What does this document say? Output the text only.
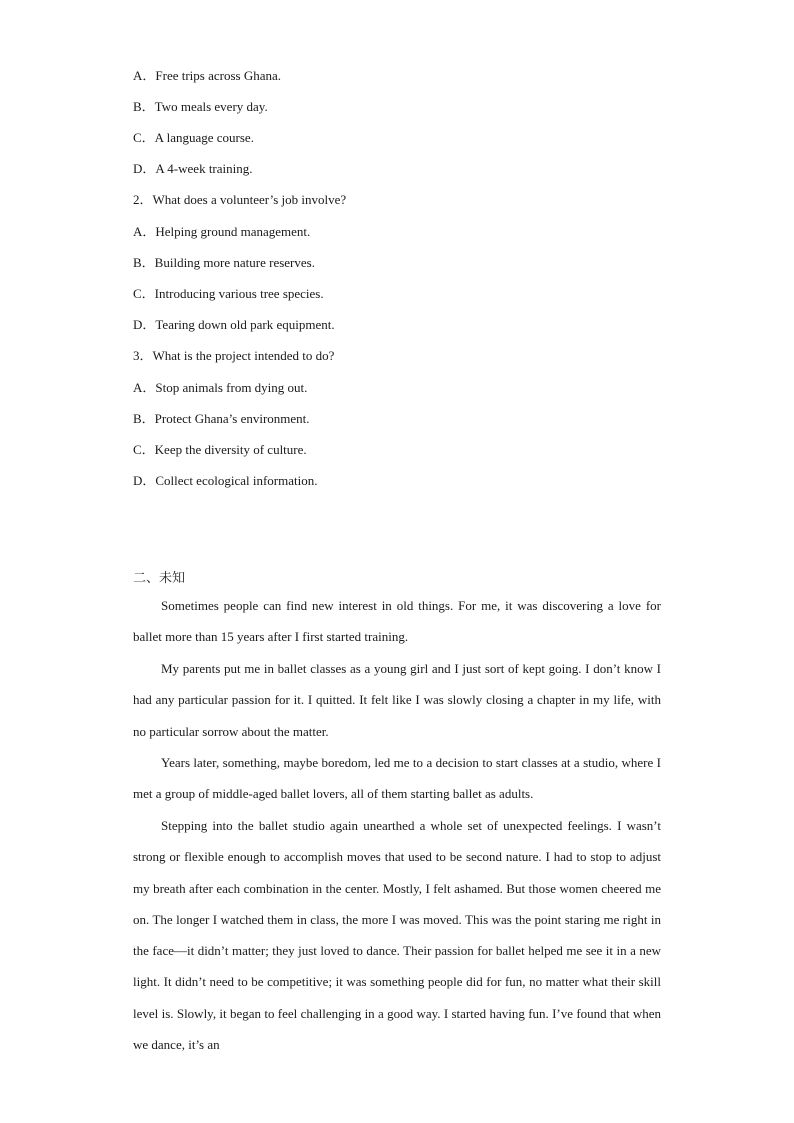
A．Free trips across Ghana.
B．Two meals every day.
C．A language course.
D．A 4-week training.
2．What does a volunteer’s job involve?
A．Helping ground management.
B．Building more nature reserves.
C．Introducing various tree species.
D．Tearing down old park equipment.
3．What is the project intended to do?
A．Stop animals from dying out.
B．Protect Ghana’s environment.
C．Keep the diversity of culture.
D．Collect ecological information.
二、未知
Sometimes people can find new interest in old things. For me, it was discovering a love for ballet more than 15 years after I first started training.
My parents put me in ballet classes as a young girl and I just sort of kept going. I don’t know I had any particular passion for it. I quitted. It felt like I was slowly closing a chapter in my life, with no particular sorrow about the matter.
Years later, something, maybe boredom, led me to a decision to start classes at a studio, where I met a group of middle-aged ballet lovers, all of them starting ballet as adults.
Stepping into the ballet studio again unearthed a whole set of unexpected feelings. I wasn’t strong or flexible enough to accomplish moves that used to be second nature. I had to stop to adjust my breath after each combination in the center. Mostly, I felt ashamed. But those women cheered me on. The longer I watched them in class, the more I was moved. This was the point staring me right in the face—it didn’t matter; they just loved to dance. Their passion for ballet helped me see it in a new light. It didn’t need to be competitive; it was something people did for fun, no matter what their skill level is. Slowly, it began to feel challenging in a good way. I started having fun. I’ve found that when we dance, it’s an
